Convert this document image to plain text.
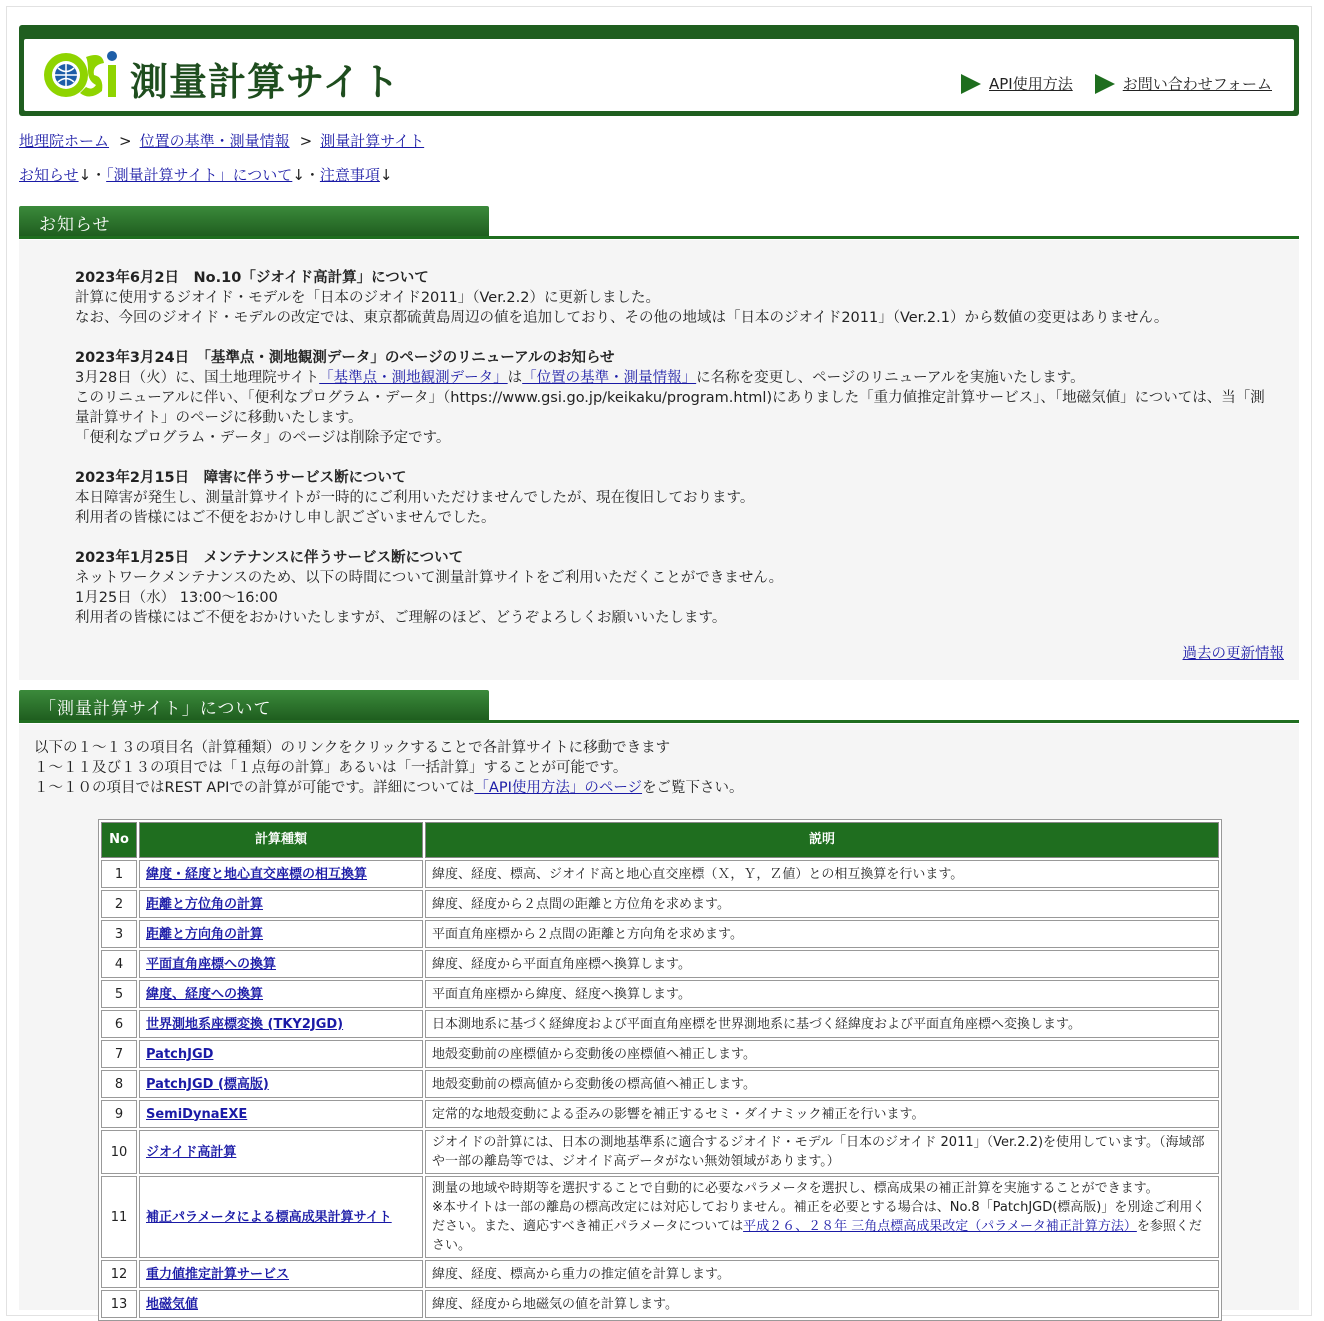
測量計算サイト	API使用方法	お問い合わせフォーム
地理院ホーム > 位置の基準・測量情報 > 測量計算サイト
お知らせ↓・「測量計算サイト」について↓・注意事項↓
お知らせ
2023年6月2日　No.10「ジオイド高計算」について
計算に使用するジオイド・モデルを「日本のジオイド2011」（Ver.2.2）に更新しました。
なお、今回のジオイド・モデルの改定では、東京都硫黄島周辺の値を追加しており、その他の地域は「日本のジオイド2011」（Ver.2.1）から数値の変更はありません。
2023年3月24日　「基準点・測地観測データ」のページのリニューアルのお知らせ
3月28日（火）に、国土地理院サイト「基準点・測地観測データ」は「位置の基準・測量情報」に名称を変更し、ページのリニューアルを実施いたします。
このリニューアルに伴い、「便利なプログラム・データ」（https://www.gsi.go.jp/keikaku/program.html)にありました「重力値推定計算サービス」、「地磁気値」については、当「測量計算サイト」のページに移動いたします。
「便利なプログラム・データ」のページは削除予定です。
2023年2月15日　障害に伴うサービス断について
本日障害が発生し、測量計算サイトが一時的にご利用いただけませんでしたが、現在復旧しております。
利用者の皆様にはご不便をおかけし申し訳ございませんでした。
2023年1月25日　メンテナンスに伴うサービス断について
ネットワークメンテナンスのため、以下の時間について測量計算サイトをご利用いただくことができません。
1月25日（水） 13:00～16:00
利用者の皆様にはご不便をおかけいたしますが、ご理解のほど、どうぞよろしくお願いいたします。
過去の更新情報
「測量計算サイト」について
以下の１～１３の項目名（計算種類）のリンクをクリックすることで各計算サイトに移動できます
１～１１及び１３の項目では「１点毎の計算」あるいは「一括計算」することが可能です。
１～１０の項目ではREST APIでの計算が可能です。詳細については「API使用方法」のページをご覧下さい。
No	計算種類	説明
1	緯度・経度と地心直交座標の相互換算	緯度、経度、標高、ジオイド高と地心直交座標（Ｘ，Ｙ，Ｚ値）との相互換算を行います。
2	距離と方位角の計算	緯度、経度から２点間の距離と方位角を求めます。
3	距離と方向角の計算	平面直角座標から２点間の距離と方向角を求めます。
4	平面直角座標への換算	緯度、経度から平面直角座標へ換算します。
5	緯度、経度への換算	平面直角座標から緯度、経度へ換算します。
6	世界測地系座標変換 (TKY2JGD)	日本測地系に基づく経緯度および平面直角座標を世界測地系に基づく経緯度および平面直角座標へ変換します。
7	PatchJGD	地殻変動前の座標値から変動後の座標値へ補正します。
8	PatchJGD (標高版)	地殻変動前の標高値から変動後の標高値へ補正します。
9	SemiDynaEXE	定常的な地殻変動による歪みの影響を補正するセミ・ダイナミック補正を行います。
10	ジオイド高計算	ジオイドの計算には、日本の測地基準系に適合するジオイド・モデル「日本のジオイド 2011」（Ver.2.2)を使用しています。（海域部や一部の離島等では、ジオイド高データがない無効領域があります。）
11	補正パラメータによる標高成果計算サイト	測量の地域や時期等を選択することで自動的に必要なパラメータを選択し、標高成果の補正計算を実施することができます。
※本サイトは一部の離島の標高改定には対応しておりません。補正を必要とする場合は、No.8「PatchJGD(標高版)」を別途ご利用ください。また、適応すべき補正パラメータについては平成２６、２８年 三角点標高成果改定（パラメータ補正計算方法）を参照ください。

12	重力値推定計算サービス	緯度、経度、標高から重力の推定値を計算します。
13	地磁気値	緯度、経度から地磁気の値を計算します。
